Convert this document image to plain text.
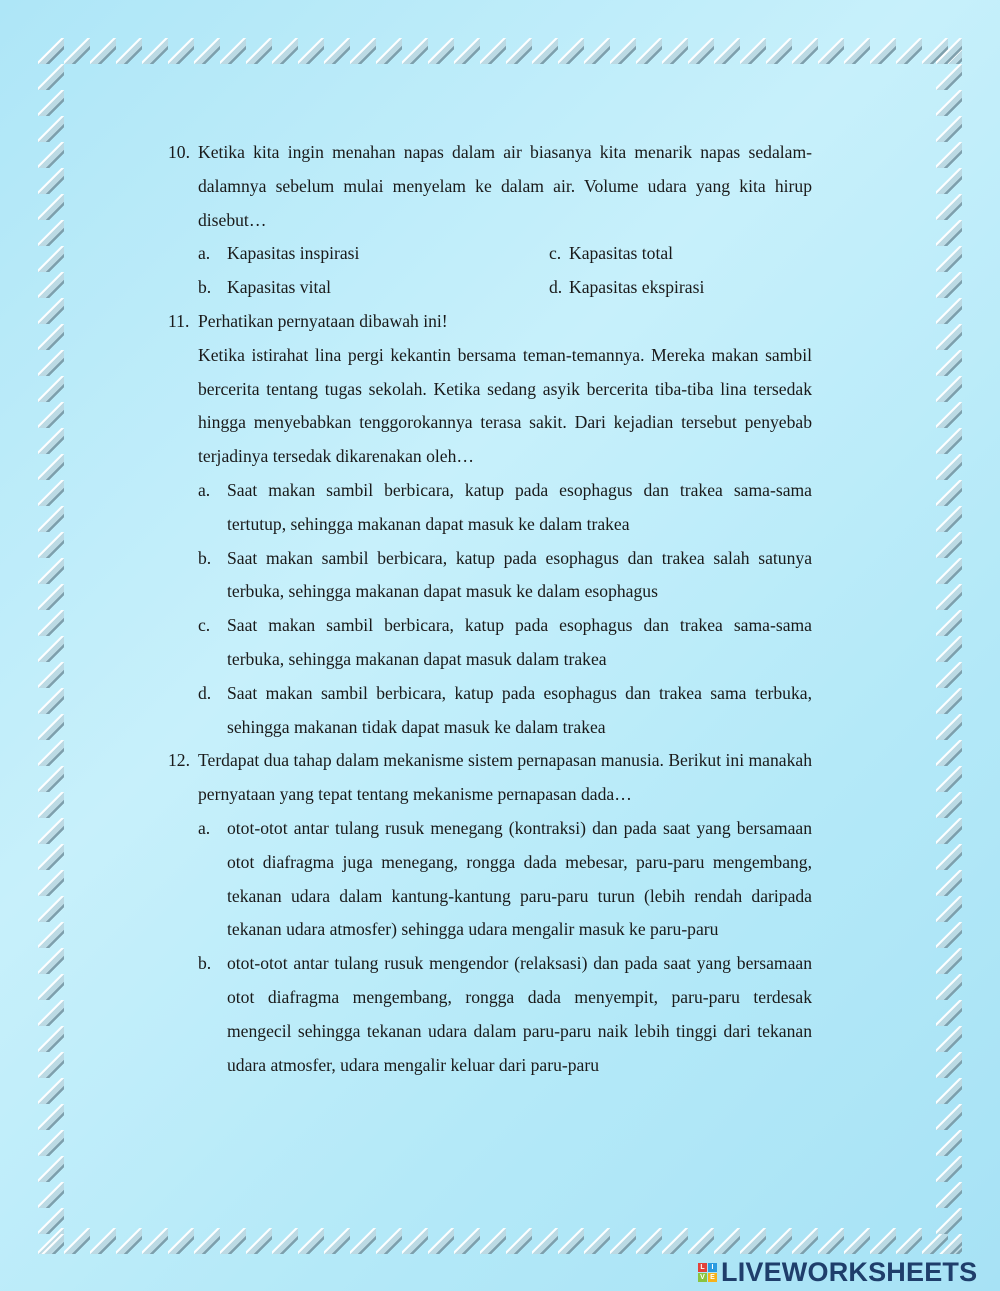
10. Ketika kita ingin menahan napas dalam air biasanya kita menarik napas sedalam-dalamnya sebelum mulai menyelam ke dalam air. Volume udara yang kita hirup disebut…
a. Kapasitas inspirasi	c. Kapasitas total
b. Kapasitas vital	d. Kapasitas ekspirasi
11. Perhatikan pernyataan dibawah ini!
Ketika istirahat lina pergi kekantin bersama teman-temannya. Mereka makan sambil bercerita tentang tugas sekolah. Ketika sedang asyik bercerita tiba-tiba lina tersedak hingga menyebabkan tenggorokannya terasa sakit. Dari kejadian tersebut penyebab terjadinya tersedak dikarenakan oleh…
a. Saat makan sambil berbicara, katup pada esophagus dan trakea sama-sama tertutup, sehingga makanan dapat masuk ke dalam trakea
b. Saat makan sambil berbicara, katup pada esophagus dan trakea salah satunya terbuka, sehingga makanan dapat masuk ke dalam esophagus
c. Saat makan sambil berbicara, katup pada esophagus dan trakea sama-sama terbuka, sehingga makanan dapat masuk dalam trakea
d. Saat makan sambil berbicara, katup pada esophagus dan trakea sama terbuka, sehingga makanan tidak dapat masuk ke dalam trakea
12. Terdapat dua tahap dalam mekanisme sistem pernapasan manusia. Berikut ini manakah pernyataan yang tepat tentang mekanisme pernapasan dada…
a. otot-otot antar tulang rusuk menegang (kontraksi) dan pada saat yang bersamaan otot diafragma juga menegang, rongga dada mebesar, paru-paru mengembang, tekanan udara dalam kantung-kantung paru-paru turun (lebih rendah daripada tekanan udara atmosfer) sehingga udara mengalir masuk ke paru-paru
b. otot-otot antar tulang rusuk mengendor (relaksasi) dan pada saat yang bersamaan otot diafragma mengembang, rongga dada menyempit, paru-paru terdesak mengecil sehingga tekanan udara dalam paru-paru naik lebih tinggi dari tekanan udara atmosfer, udara mengalir keluar dari paru-paru
L I
V E LIVEWORKSHEETS
